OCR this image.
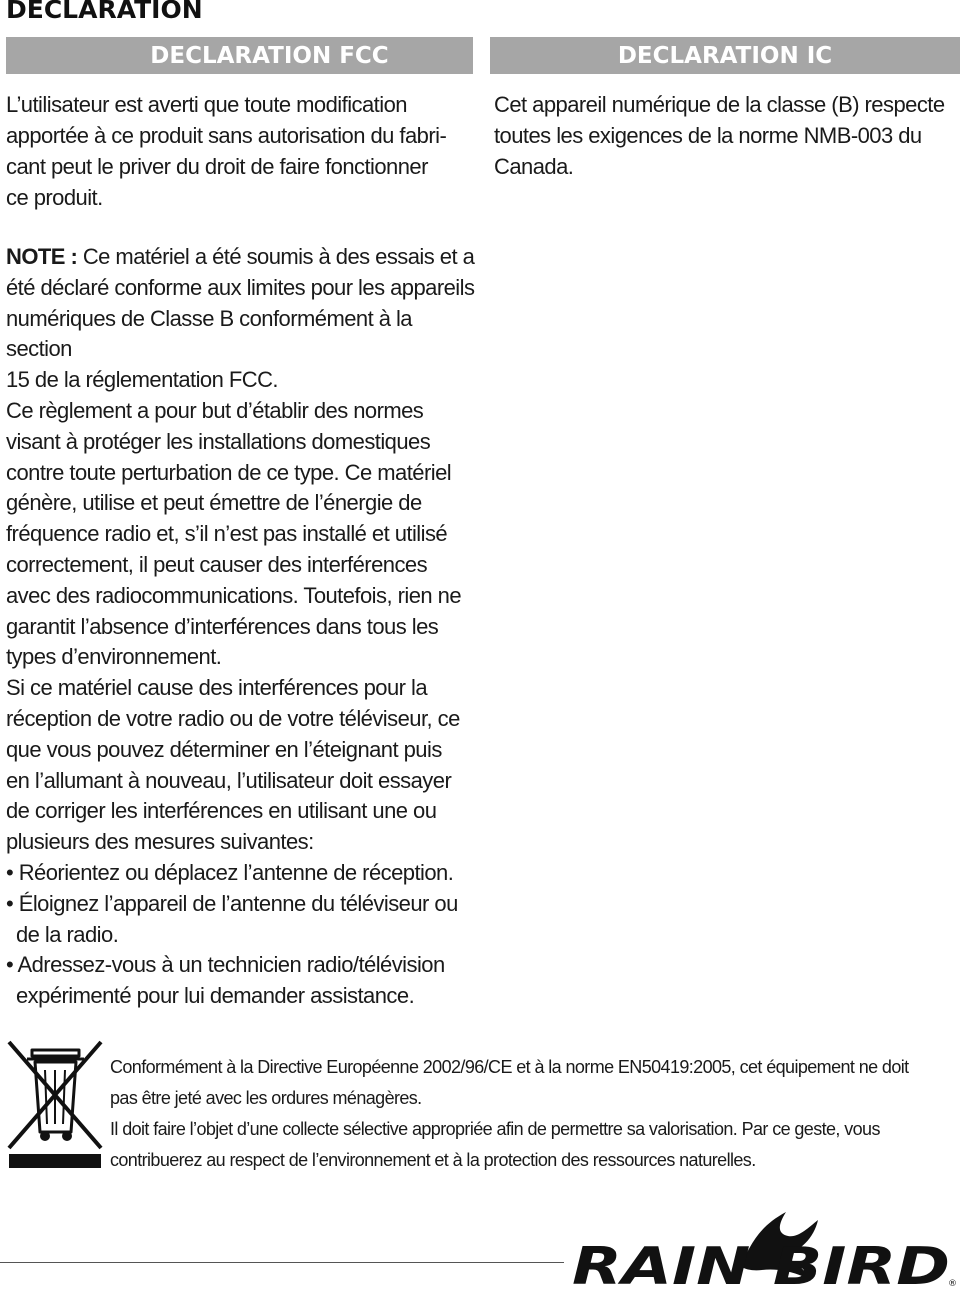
DECLARATION
DECLARATION FCC	DECLARATION IC
L’utilisateur est averti que toute modification
apportée à ce produit sans autorisation du fabri-
cant peut le priver du droit de faire fonctionner
ce produit.
Cet appareil numérique de la classe (B) respecte
toutes les exigences de la norme NMB-003 du
Canada.
NOTE : Ce matériel a été soumis à des essais et a
été déclaré conforme aux limites pour les appareils
numériques de Classe B conformément à la section
15 de la réglementation FCC.
Ce règlement a pour but d’établir des normes
visant à protéger les installations domestiques
contre toute perturbation de ce type. Ce matériel
génère, utilise et peut émettre de l’énergie de
fréquence radio et, s’il n’est pas installé et utilisé
correctement, il peut causer des interférences
avec des radiocommunications. Toutefois, rien ne
garantit l’absence d’interférences dans tous les
types d’environnement.
Si ce matériel cause des interférences pour la
réception de votre radio ou de votre téléviseur, ce
que vous pouvez déterminer en l’éteignant puis
en l’allumant à nouveau, l’utilisateur doit essayer
de corriger les interférences en utilisant une ou
plusieurs des mesures suivantes:

• Réorientez ou déplacez l’antenne de réception.

• Éloignez l’appareil de l’antenne du téléviseur ou de la radio.

• Adressez-vous à un technicien radio/télévision expérimenté pour lui demander assistance.

Conformément à la Directive Européenne 2002/96/CE et à la norme EN50419:2005, cet équipement ne doit

pas être jeté avec les ordures ménagères.

Il doit faire l’objet d’une collecte sélective appropriée afin de permettre sa valorisation. Par ce geste, vous

contribuerez au respect de l’environnement et à la protection des ressources naturelles.

RAIN BIRD
®
